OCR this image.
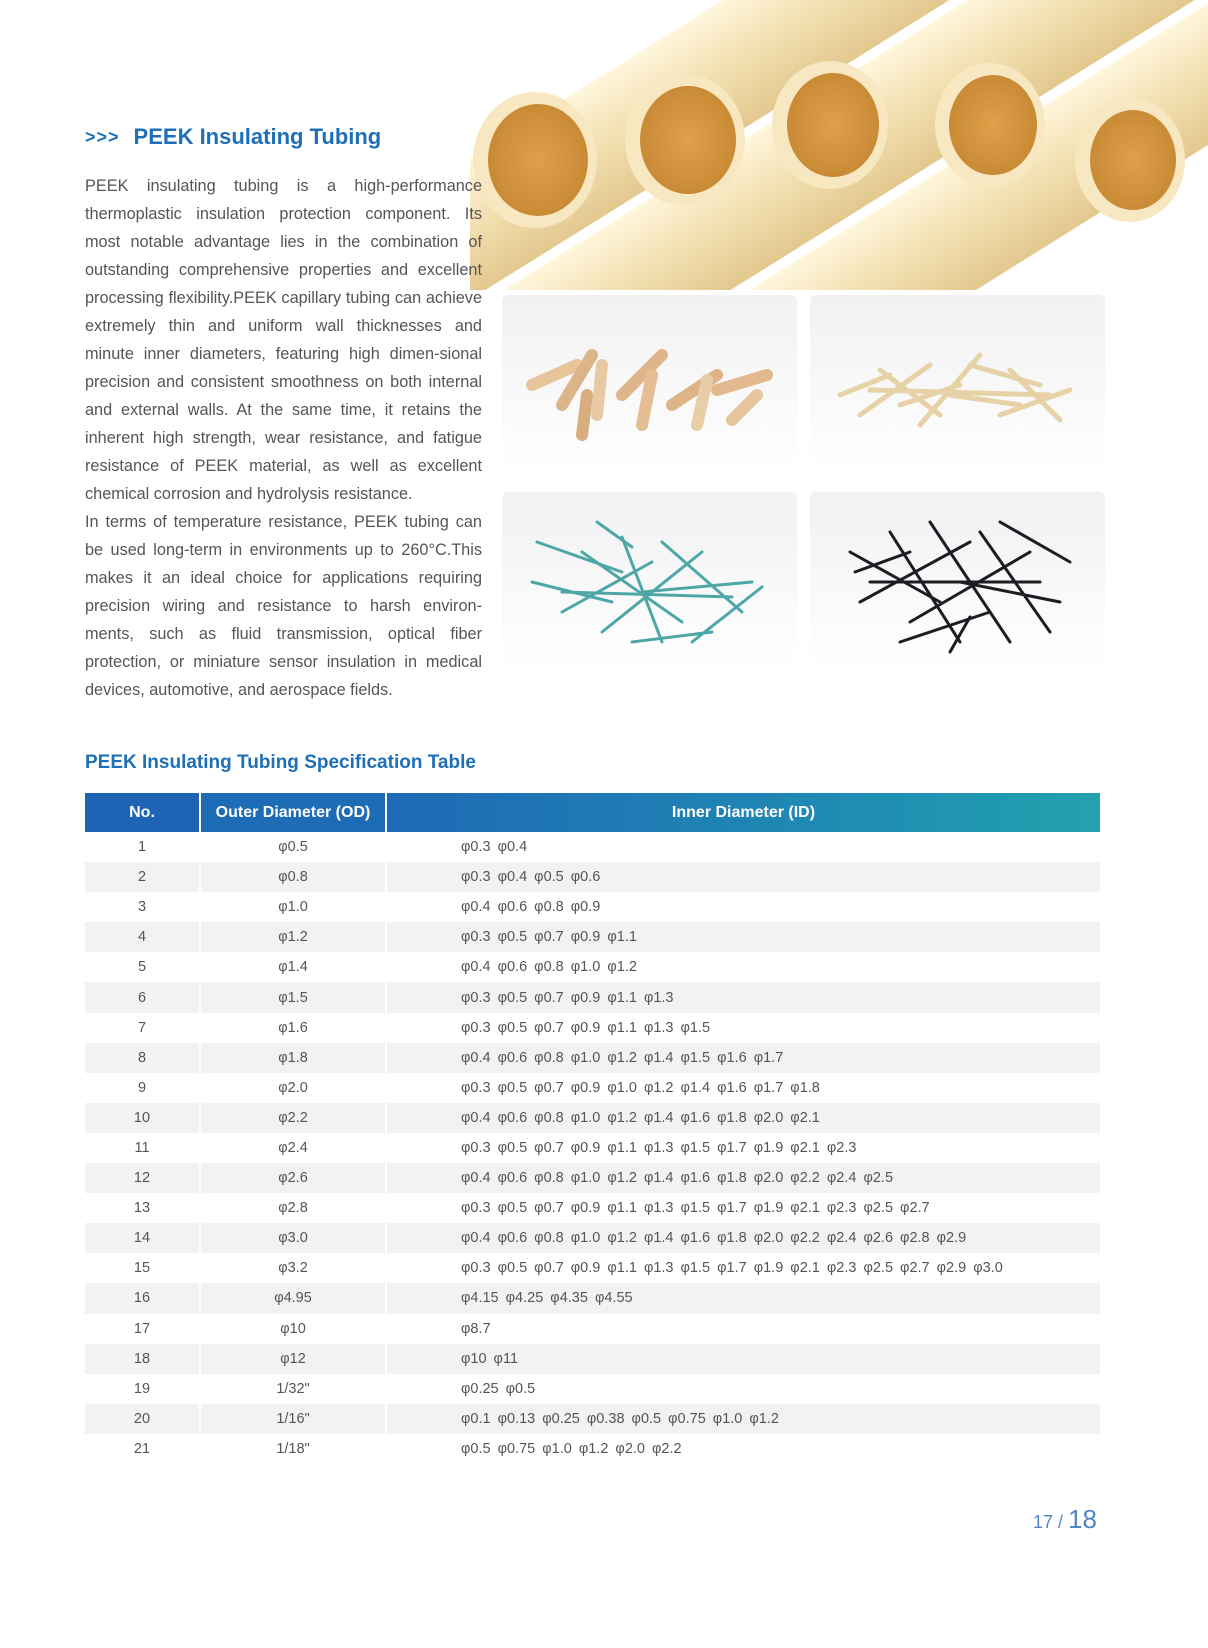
>>> PEEK Insulating Tubing

PEEK insulating tubing is a high-performance thermoplastic insulation protection component. Its most notable advantage lies in the combination of outstanding comprehensive properties and excellent processing flexibility.PEEK capillary tubing can achieve extremely thin and uniform wall thicknesses and minute inner diameters, featuring high dimen-sional precision and consistent smoothness on both internal and external walls. At the same time, it retains the inherent high strength, wear resistance, and fatigue resistance of PEEK material, as well as excellent chemical corrosion and hydrolysis resistance.

In terms of temperature resistance, PEEK tubing can be used long-term in environments up to 260°C.This makes it an ideal choice for applications requiring precision wiring and resistance to harsh environ-ments, such as fluid transmission, optical fiber protection, or miniature sensor insulation in medical devices, automotive, and aerospace fields.

PEEK Insulating Tubing Specification Table
No.	Outer Diameter (OD)	Inner Diameter (ID)
1	φ0.5	φ0.3 φ0.4
2	φ0.8	φ0.3 φ0.4 φ0.5 φ0.6
3	φ1.0	φ0.4 φ0.6 φ0.8 φ0.9
4	φ1.2	φ0.3 φ0.5 φ0.7 φ0.9 φ1.1
5	φ1.4	φ0.4 φ0.6 φ0.8 φ1.0 φ1.2
6	φ1.5	φ0.3 φ0.5 φ0.7 φ0.9 φ1.1 φ1.3
7	φ1.6	φ0.3 φ0.5 φ0.7 φ0.9 φ1.1 φ1.3 φ1.5
8	φ1.8	φ0.4 φ0.6 φ0.8 φ1.0 φ1.2 φ1.4 φ1.5 φ1.6 φ1.7
9	φ2.0	φ0.3 φ0.5 φ0.7 φ0.9 φ1.0 φ1.2 φ1.4 φ1.6 φ1.7 φ1.8
10	φ2.2	φ0.4 φ0.6 φ0.8 φ1.0 φ1.2 φ1.4 φ1.6 φ1.8 φ2.0 φ2.1
11	φ2.4	φ0.3 φ0.5 φ0.7 φ0.9 φ1.1 φ1.3 φ1.5 φ1.7 φ1.9 φ2.1 φ2.3
12	φ2.6	φ0.4 φ0.6 φ0.8 φ1.0 φ1.2 φ1.4 φ1.6 φ1.8 φ2.0 φ2.2 φ2.4 φ2.5
13	φ2.8	φ0.3 φ0.5 φ0.7 φ0.9 φ1.1 φ1.3 φ1.5 φ1.7 φ1.9 φ2.1 φ2.3 φ2.5 φ2.7
14	φ3.0	φ0.4 φ0.6 φ0.8 φ1.0 φ1.2 φ1.4 φ1.6 φ1.8 φ2.0 φ2.2 φ2.4 φ2.6 φ2.8 φ2.9
15	φ3.2	φ0.3 φ0.5 φ0.7 φ0.9 φ1.1 φ1.3 φ1.5 φ1.7 φ1.9 φ2.1 φ2.3 φ2.5 φ2.7 φ2.9 φ3.0
16	φ4.95	φ4.15 φ4.25 φ4.35 φ4.55
17	φ10	φ8.7
18	φ12	φ10 φ11
19	1/32"	φ0.25 φ0.5
20	1/16"	φ0.1 φ0.13 φ0.25 φ0.38 φ0.5 φ0.75 φ1.0 φ1.2
21	1/18"	φ0.5 φ0.75 φ1.0 φ1.2 φ2.0 φ2.2
17 / 18
